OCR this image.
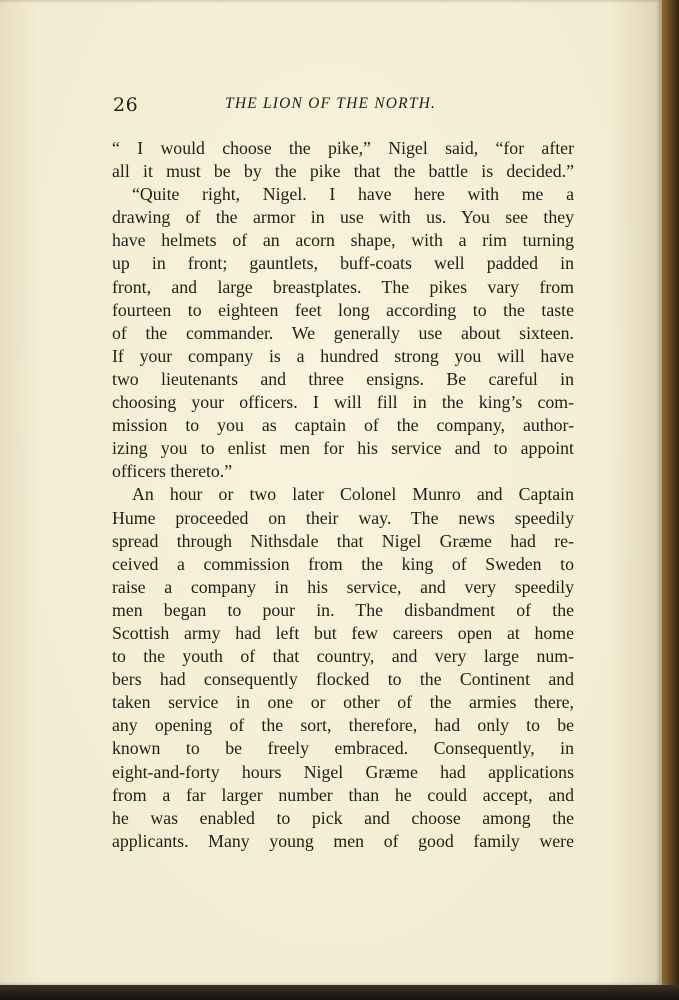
26	THE LION OF THE NORTH.
“ I would choose the pike,” Nigel said, “for after
all it must be by the pike that the battle is decided.”
“Quite right, Nigel. I have here with me a
drawing of the armor in use with us. You see they
have helmets of an acorn shape, with a rim turning
up in front; gauntlets, buff-coats well padded in
front, and large breastplates. The pikes vary from
fourteen to eighteen feet long according to the taste
of the commander. We generally use about sixteen.
If your company is a hundred strong you will have
two lieutenants and three ensigns. Be careful in
choosing your officers. I will fill in the king’s com-
mission to you as captain of the company, author-
izing you to enlist men for his service and to appoint
officers thereto.”
An hour or two later Colonel Munro and Captain
Hume proceeded on their way. The news speedily
spread through Nithsdale that Nigel Græme had re-
ceived a commission from the king of Sweden to
raise a company in his service, and very speedily
men began to pour in. The disbandment of the
Scottish army had left but few careers open at home
to the youth of that country, and very large num-
bers had consequently flocked to the Continent and
taken service in one or other of the armies there,
any opening of the sort, therefore, had only to be
known to be freely embraced. Consequently, in
eight-and-forty hours Nigel Græme had applications
from a far larger number than he could accept, and
he was enabled to pick and choose among the
applicants. Many young men of good family were
